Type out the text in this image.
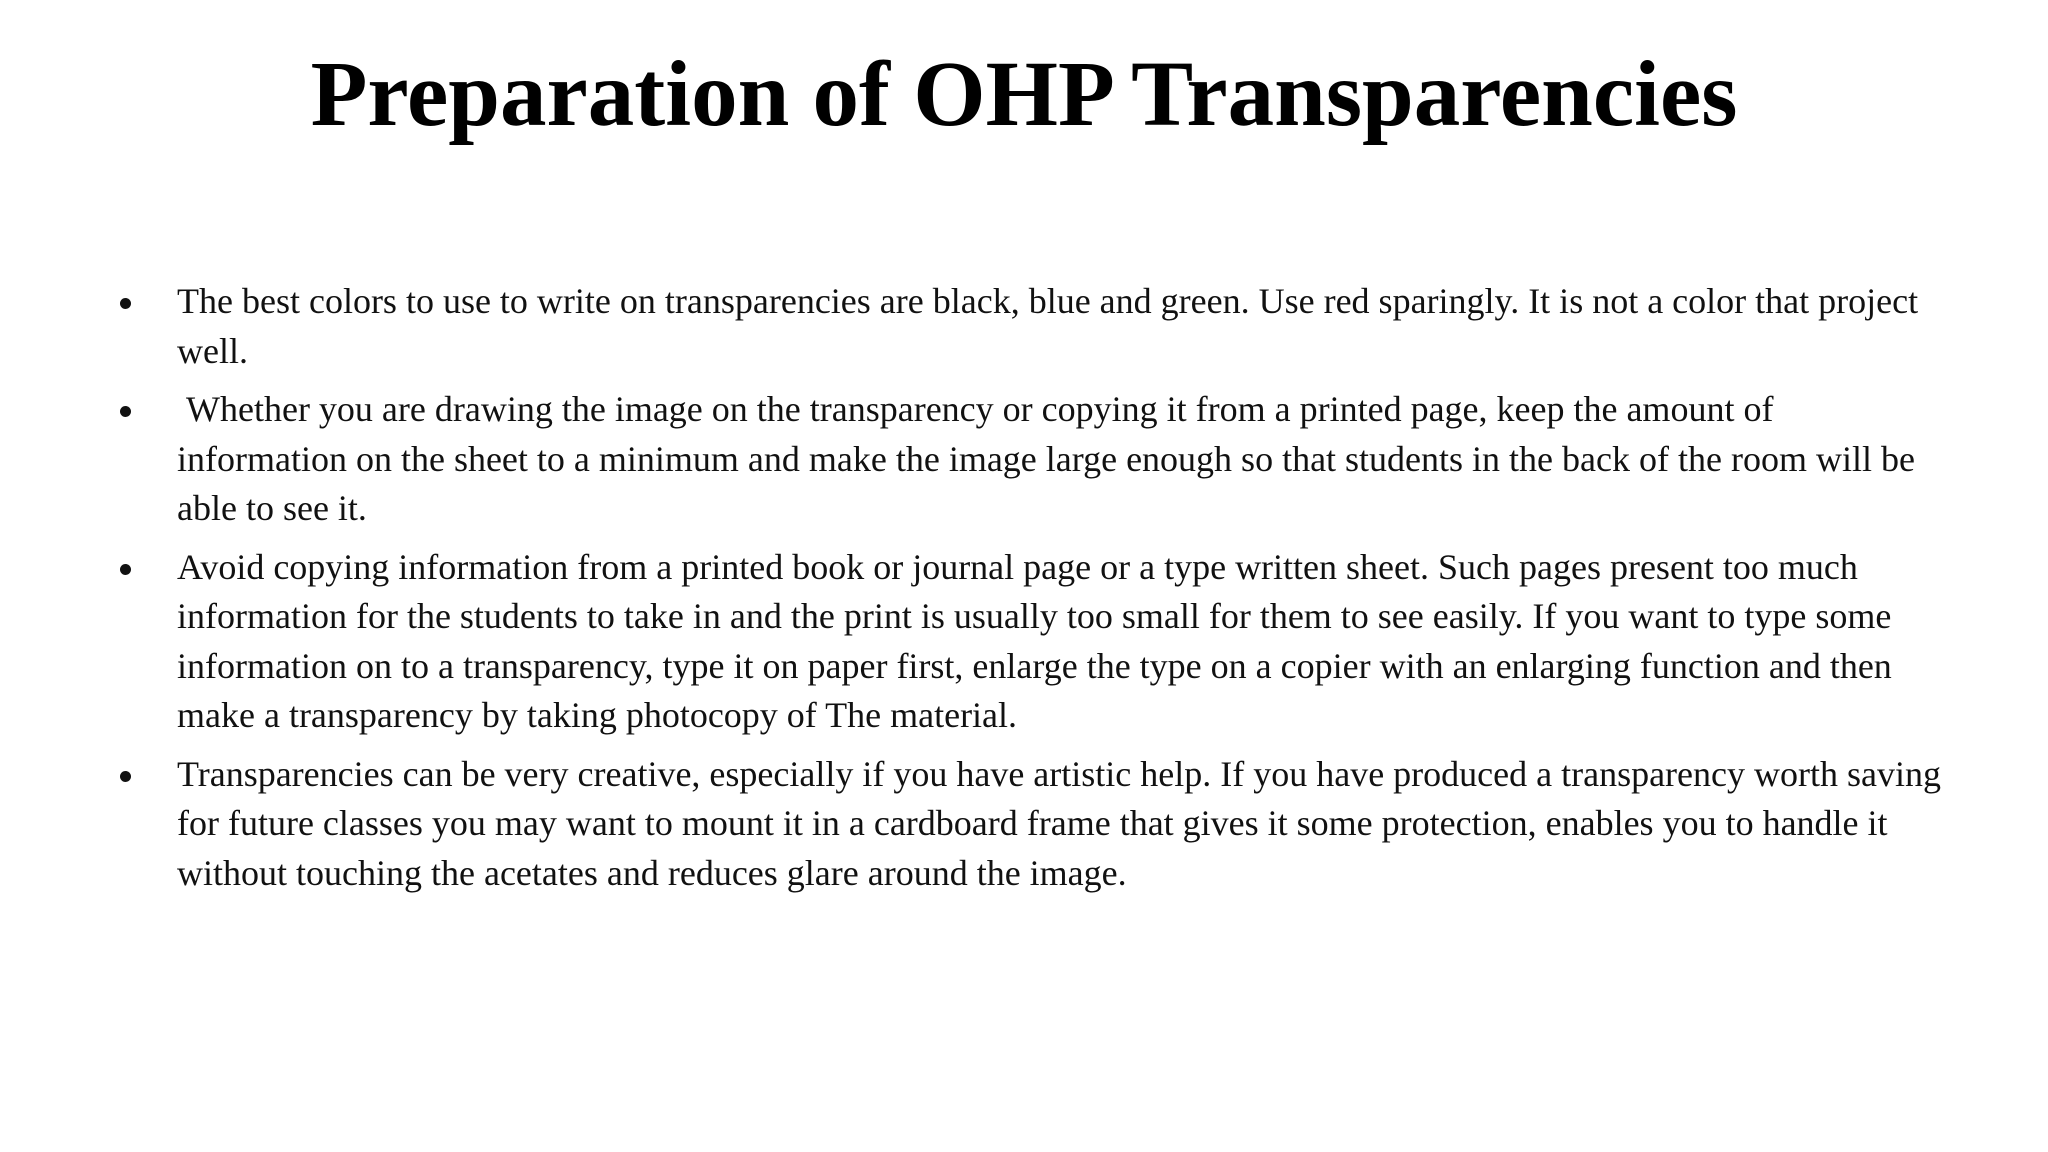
Preparation of OHP Transparencies
The best colors to use to write on transparencies are black, blue and green. Use red sparingly. It is not a color that project well.
Whether you are drawing the image on the transparency or copying it from a printed page, keep the amount of information on the sheet to a minimum and make the image large enough so that students in the back of the room will be able to see it.
Avoid copying information from a printed book or journal page or a type written sheet. Such pages present too much information for the students to take in and the print is usually too small for them to see easily. If you want to type some information on to a transparency, type it on paper first, enlarge the type on a copier with an enlarging function and then make a transparency by taking photocopy of The material.
Transparencies can be very creative, especially if you have artistic help. If you have produced a transparency worth saving for future classes you may want to mount it in a cardboard frame that gives it some protection, enables you to handle it without touching the acetates and reduces glare around the image.
